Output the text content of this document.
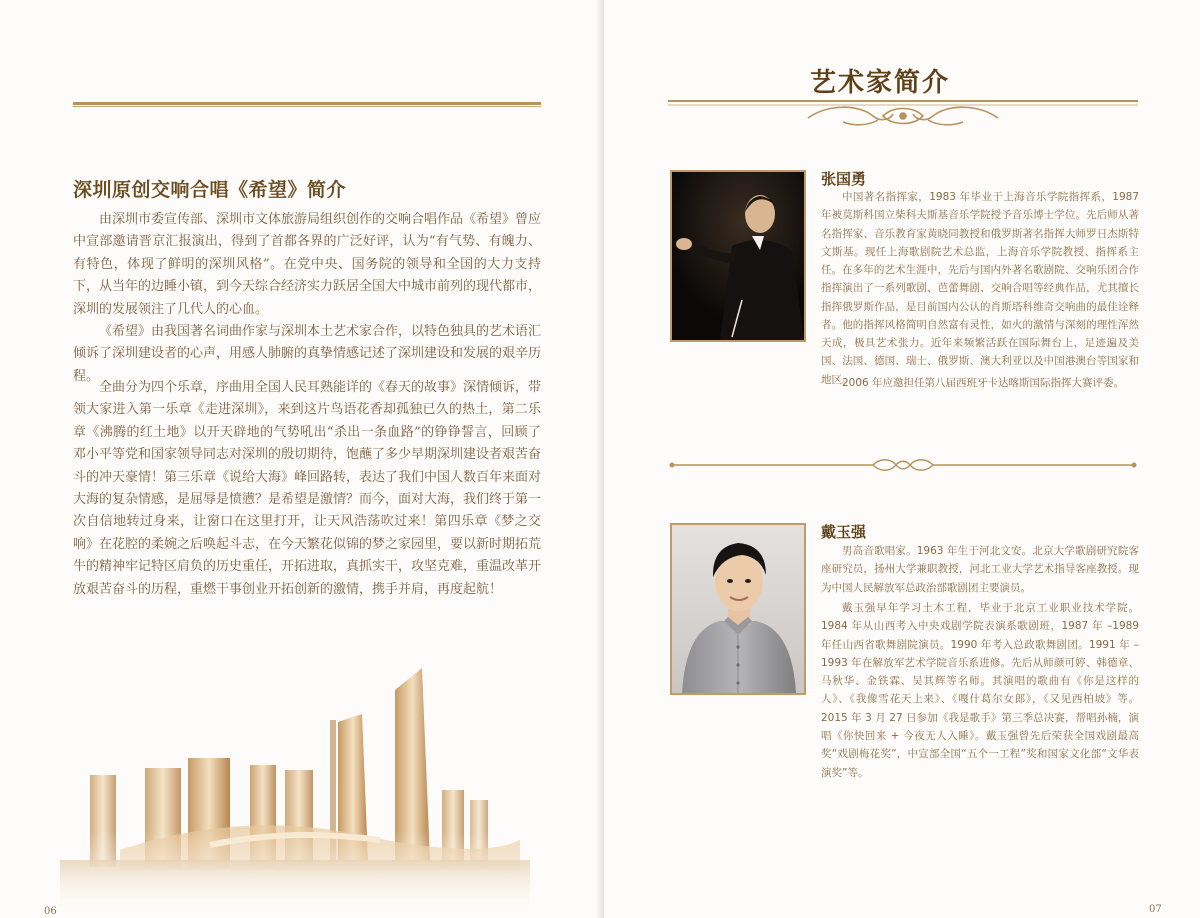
深圳原创交响合唱《希望》简介

由深圳市委宣传部、深圳市文体旅游局组织创作的交响合唱作品《希望》曾应中宣部邀请晋京汇报演出，得到了首都各界的广泛好评，认为“有气势、有魄力、有特色，体现了鲜明的深圳风格”。在党中央、国务院的领导和全国的大力支持下，从当年的边睡小镇，到今天综合经济实力跃居全国大中城市前列的现代都市，深圳的发展领注了几代人的心血。

《希望》由我国著名词曲作家与深圳本土艺术家合作，以特色独具的艺术语汇倾诉了深圳建设者的心声，用感人肺腑的真挚情感记述了深圳建设和发展的艰辛历程。

全曲分为四个乐章，序曲用全国人民耳熟能详的《春天的故事》深情倾诉，带领大家进入第一乐章《走进深圳》，来到这片鸟语花香却孤独已久的热土，第二乐章《沸腾的红土地》以开天辟地的气势吼出“杀出一条血路”的铮铮誓言，回顾了邓小平等党和国家领导同志对深圳的殷切期待，饱蘸了多少早期深圳建设者艰苦奋斗的冲天豪情！第三乐章《说给大海》峰回路转，表达了我们中国人数百年来面对大海的复杂情感，是屈辱是愤懑？是希望是激情？而今，面对大海，我们终于第一次自信地转过身来，让窗口在这里打开，让天风浩荡吹过来！第四乐章《梦之交响》在花腔的柔婉之后唤起斗志，在今天繁花似锦的梦之家园里，要以新时期拓荒牛的精神牢记特区肩负的历史重任，开拓进取，真抓实干，攻坚克难，重温改革开放艰苦奋斗的历程，重燃干事创业开拓创新的激情，携手并肩，再度起航！

06
艺术家简介
张国勇

中国著名指挥家，1983 年毕业于上海音乐学院指挥系，1987 年被莫斯科国立柴科夫斯基音乐学院授予音乐博士学位。先后师从著名指挥家、音乐教育家黄晓同教授和俄罗斯著名指挥大师罗日杰斯特文斯基。现任上海歌剧院艺术总监，上海音乐学院教授、指挥系主任。 在多年的艺术生涯中，先后与国内外著名歌剧院、交响乐团合作指挥演出了一系列歌剧、芭蕾舞剧、交响合唱等经典作品，尤其擅长指挥俄罗斯作品，是目前国内公认的肖斯塔科维奇交响曲的最佳诠释者。他的指挥风格简明自然富有灵性，如火的激情与深刻的理性浑然天成，极具艺术张力。近年来频繁活跃在国际舞台上，足迹遍及美国、法国、德国、瑞士、俄罗斯、澳大利亚以及中国港澳台等国家和地区。

2006 年应邀担任第八届西班牙卡达喀斯国际指挥大赛评委。

戴玉强

男高音歌唱家。1963 年生于河北文安。北京大学歌剧研究院客座研究员，扬州大学兼职教授，河北工业大学艺术指导客座教授。现为中国人民解放军总政治部歌剧团主要演员。

戴玉强早年学习土木工程，毕业于北京工业职业技术学院。1984 年从山西考入中央戏剧学院表演系歌剧班，1987 年 –1989 年任山西省歌舞剧院演员。1990 年考入总政歌舞剧团。1991 年 –1993 年在解放军艺术学院音乐系进修。先后从师颜可婷、韩德章、马秋华、金铁霖、吴其辉等名师。其演唱的歌曲有《你是这样的人》、《我像雪花天上来》、《嘎什葛尔女郎》，《又见西柏坡》等。2015 年 3 月 27 日参加《我是歌手》第三季总决赛，帮唱孙楠，演唱《你快回来 + 今夜无人入睡》。戴玉强曾先后荣获全国戏剧最高奖“戏剧梅花奖”，中宣部全国“五个一工程”奖和国家文化部“文华表演奖”等。

07
